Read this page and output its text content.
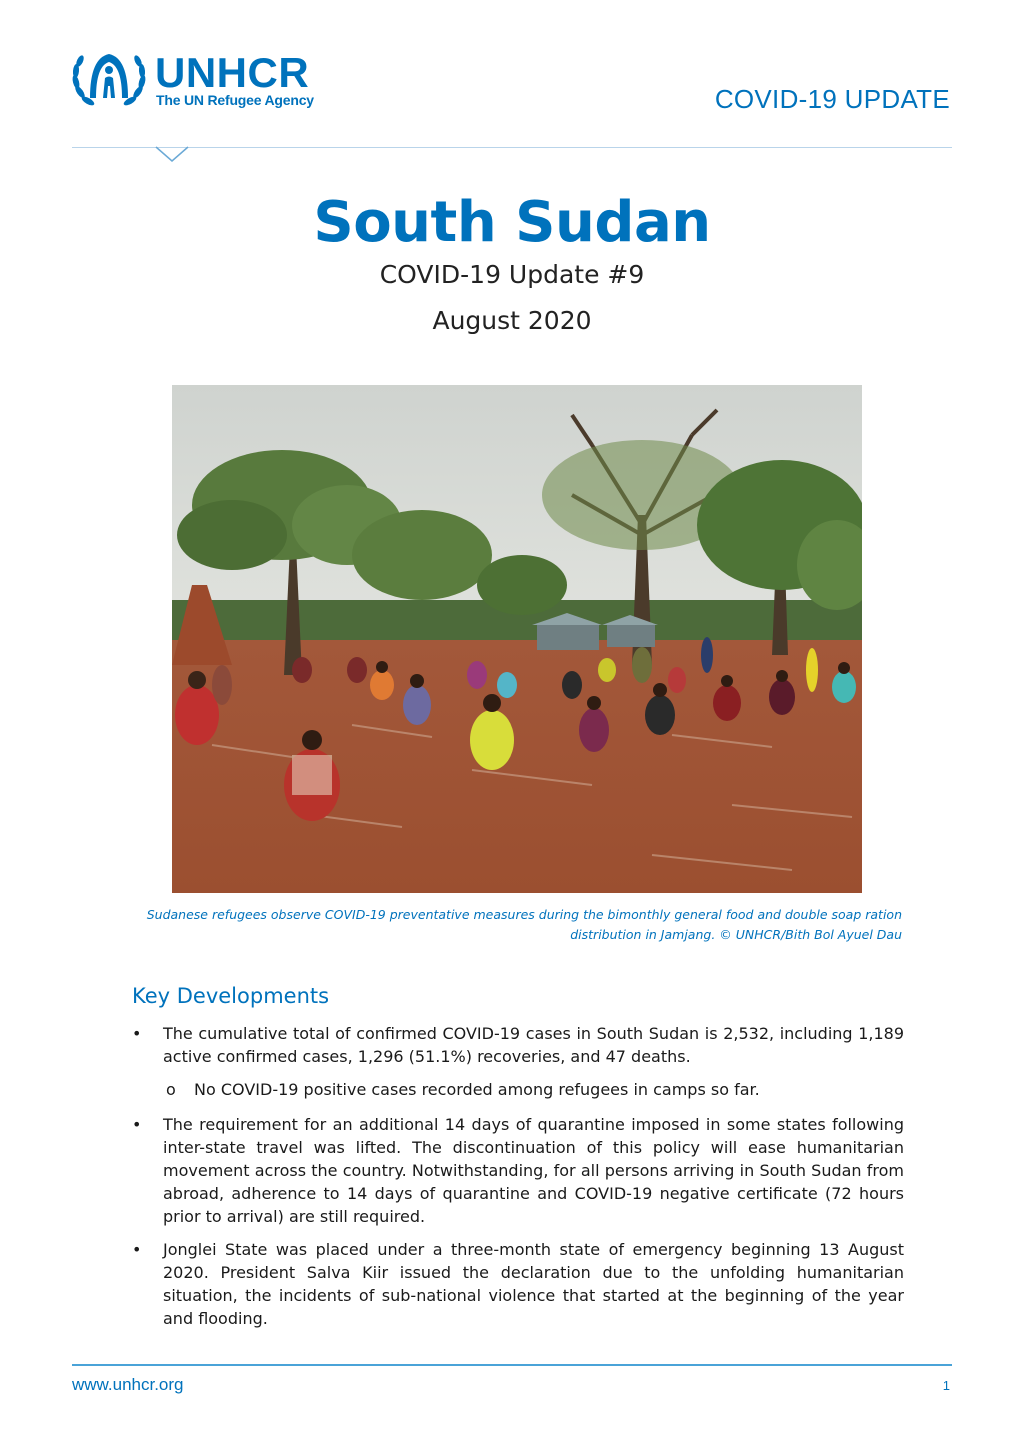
UNHCR
The UN Refugee Agency	COVID-19 UPDATE
South Sudan
COVID-19 Update #9
August 2020
Sudanese refugees observe COVID-19 preventative measures during the bimonthly general food and double soap ration
distribution in Jamjang. © UNHCR/Bith Bol Ayuel Dau
Key Developments
• The cumulative total of confirmed COVID-19 cases in South Sudan is 2,532, including 1,189 active confirmed cases, 1,296 (51.1%) recoveries, and 47 deaths.
o No COVID-19 positive cases recorded among refugees in camps so far.
• The requirement for an additional 14 days of quarantine imposed in some states following inter-state travel was lifted. The discontinuation of this policy will ease humanitarian movement across the country. Notwithstanding, for all persons arriving in South Sudan from abroad, adherence to 14 days of quarantine and COVID-19 negative certificate (72 hours prior to arrival) are still required.
• Jonglei State was placed under a three-month state of emergency beginning 13 August 2020. President Salva Kiir issued the declaration due to the unfolding humanitarian situation, the incidents of sub-national violence that started at the beginning of the year and flooding.
www.unhcr.org	1
